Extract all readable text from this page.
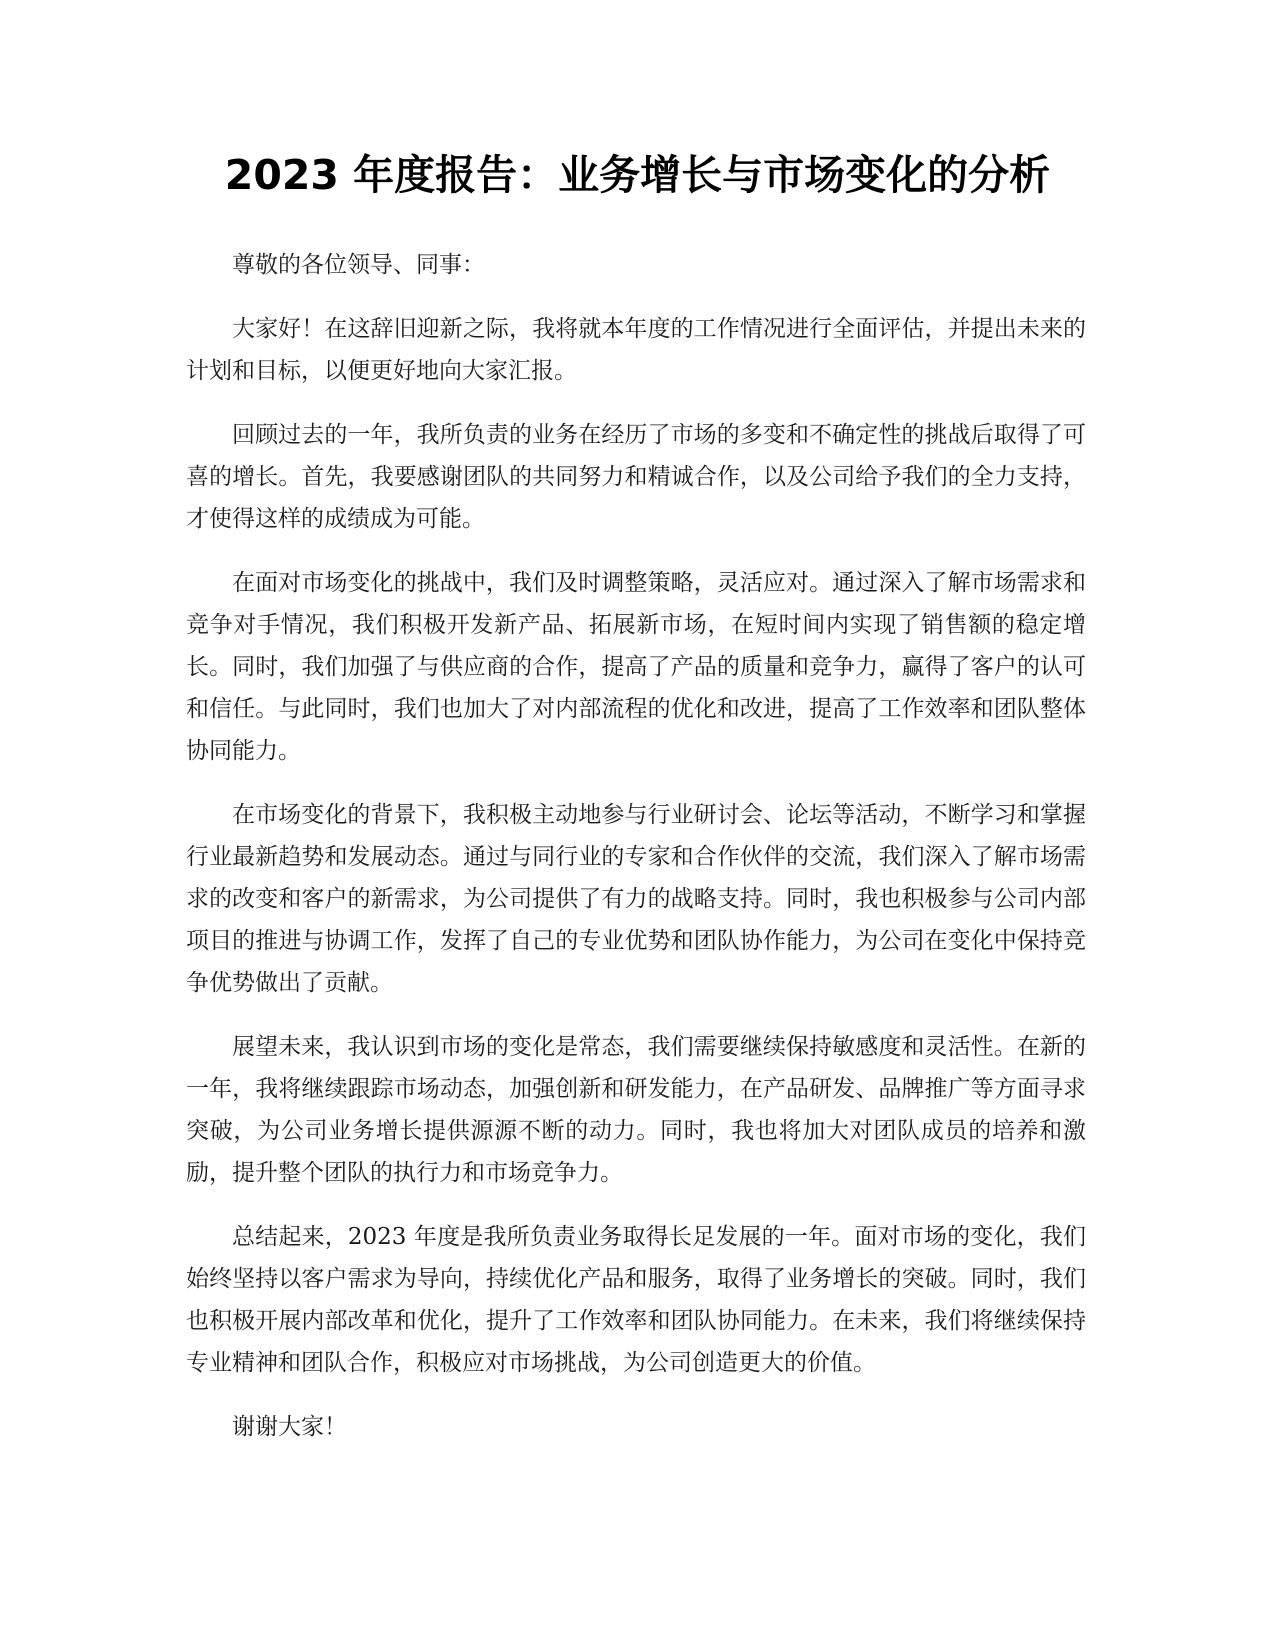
2023 年度报告：业务增长与市场变化的分析

尊敬的各位领导、同事：

大家好！在这辞旧迎新之际，我将就本年度的工作情况进行全面评估，并提出未来的计划和目标，以便更好地向大家汇报。

回顾过去的一年，我所负责的业务在经历了市场的多变和不确定性的挑战后取得了可喜的增长。首先，我要感谢团队的共同努力和精诚合作，以及公司给予我们的全力支持，才使得这样的成绩成为可能。

在面对市场变化的挑战中，我们及时调整策略，灵活应对。通过深入了解市场需求和竞争对手情况，我们积极开发新产品、拓展新市场，在短时间内实现了销售额的稳定增长。同时，我们加强了与供应商的合作，提高了产品的质量和竞争力，赢得了客户的认可和信任。与此同时，我们也加大了对内部流程的优化和改进，提高了工作效率和团队整体协同能力。

在市场变化的背景下，我积极主动地参与行业研讨会、论坛等活动，不断学习和掌握行业最新趋势和发展动态。通过与同行业的专家和合作伙伴的交流，我们深入了解市场需求的改变和客户的新需求，为公司提供了有力的战略支持。同时，我也积极参与公司内部项目的推进与协调工作，发挥了自己的专业优势和团队协作能力，为公司在变化中保持竞争优势做出了贡献。

展望未来，我认识到市场的变化是常态，我们需要继续保持敏感度和灵活性。在新的一年，我将继续跟踪市场动态，加强创新和研发能力，在产品研发、品牌推广等方面寻求突破，为公司业务增长提供源源不断的动力。同时，我也将加大对团队成员的培养和激励，提升整个团队的执行力和市场竞争力。

总结起来，2023 年度是我所负责业务取得长足发展的一年。面对市场的变化，我们始终坚持以客户需求为导向，持续优化产品和服务，取得了业务增长的突破。同时，我们也积极开展内部改革和优化，提升了工作效率和团队协同能力。在未来，我们将继续保持专业精神和团队合作，积极应对市场挑战，为公司创造更大的价值。

谢谢大家！
